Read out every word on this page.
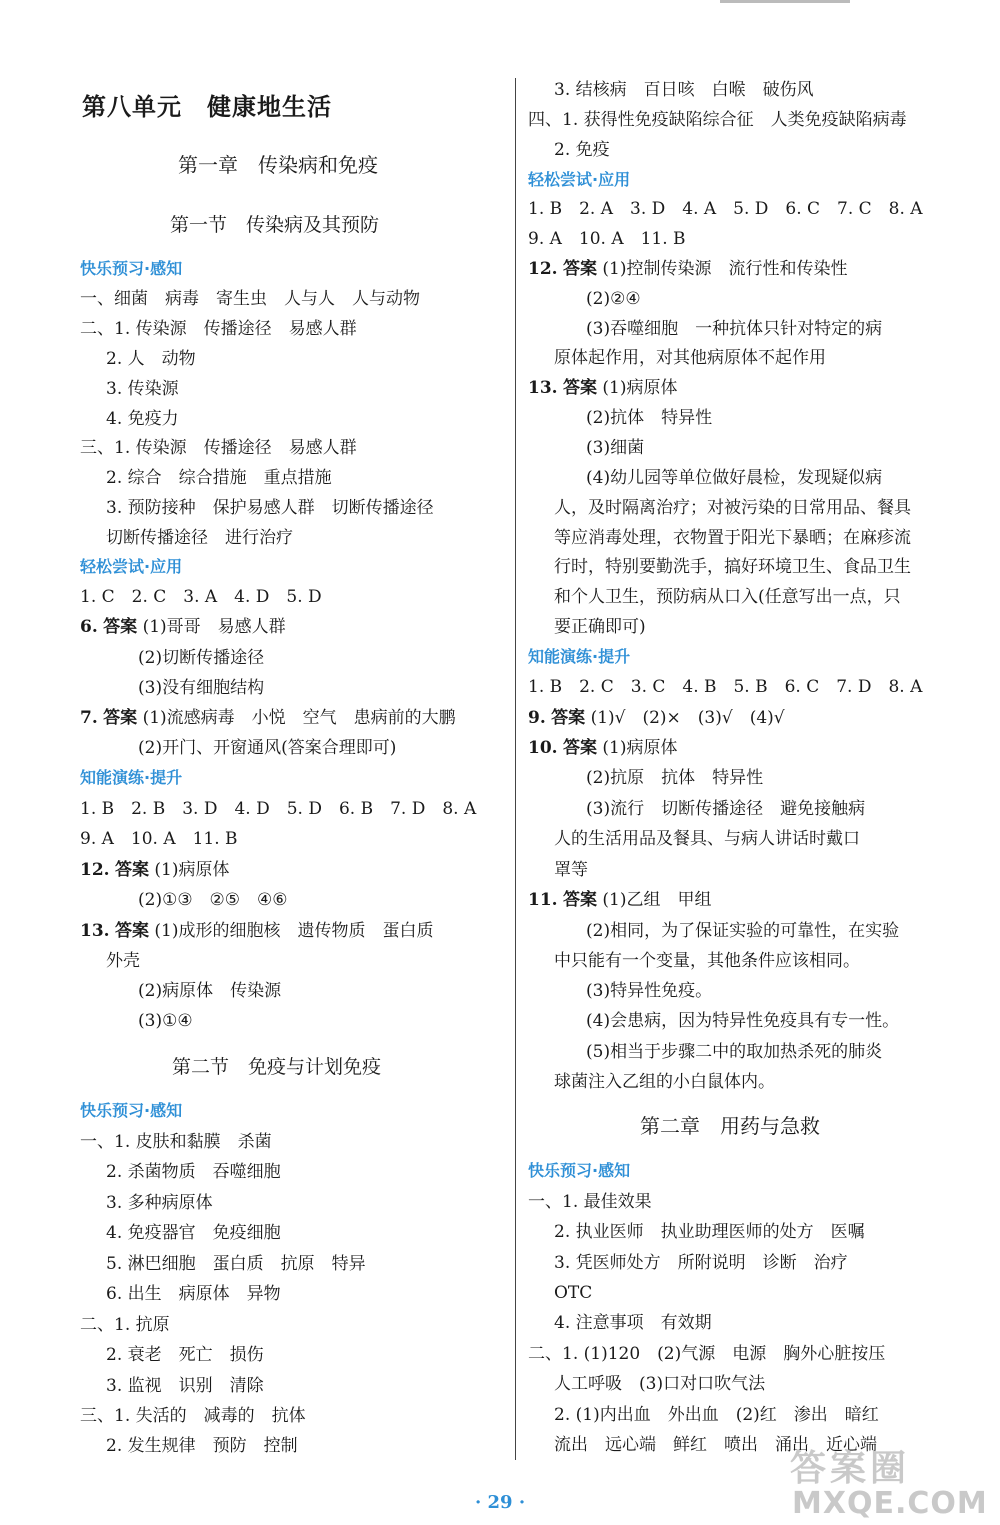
第八单元　健康地生活
第一章　传染病和免疫
第一节　传染病及其预防
快乐预习·感知
一、细菌　病毒　寄生虫　人与人　人与动物
二、1. 传染源　传播途径　易感人群
2. 人　动物
3. 传染源
4. 免疫力
三、1. 传染源　传播途径　易感人群
2. 综合　综合措施　重点措施
3. 预防接种　保护易感人群　切断传播途径
切断传播途径　进行治疗
轻松尝试·应用
1. C　2. C　3. A　4. D　5. D
6. 答案 (1)哥哥　易感人群
(2)切断传播途径
(3)没有细胞结构
7. 答案 (1)流感病毒　小悦　空气　患病前的大鹏
(2)开门、开窗通风(答案合理即可)
知能演练·提升
1. B　2. B　3. D　4. D　5. D　6. B　7. D　8. A
9. A　10. A　11. B
12. 答案 (1)病原体
(2)①③　②⑤　④⑥
13. 答案 (1)成形的细胞核　遗传物质　蛋白质
外壳
(2)病原体　传染源
(3)①④
快乐预习·感知
一、1. 皮肤和黏膜　杀菌
2. 杀菌物质　吞噬细胞
3. 多种病原体
4. 免疫器官　免疫细胞
5. 淋巴细胞　蛋白质　抗原　特异
6. 出生　病原体　异物
二、1. 抗原
2. 衰老　死亡　损伤
3. 监视　识别　清除
三、1. 失活的　减毒的　抗体
2. 发生规律　预防　控制
第二节　免疫与计划免疫
3. 结核病　百日咳　白喉　破伤风
四、1. 获得性免疫缺陷综合征　人类免疫缺陷病毒
2. 免疫
轻松尝试·应用
1. B　2. A　3. D　4. A　5. D　6. C　7. C　8. A
9. A　10. A　11. B
12. 答案 (1)控制传染源　流行性和传染性
(2)②④
(3)吞噬细胞　一种抗体只针对特定的病
原体起作用，对其他病原体不起作用
13. 答案 (1)病原体
(2)抗体　特异性
(3)细菌
(4)幼儿园等单位做好晨检，发现疑似病
人，及时隔离治疗；对被污染的日常用品、餐具
等应消毒处理，衣物置于阳光下暴晒；在麻疹流
行时，特别要勤洗手，搞好环境卫生、食品卫生
和个人卫生，预防病从口入(任意写出一点，只
要正确即可)
知能演练·提升
1. B　2. C　3. C　4. B　5. B　6. C　7. D　8. A
9. 答案 (1)√　(2)×　(3)√　(4)√
10. 答案 (1)病原体
(2)抗原　抗体　特异性
(3)流行　切断传播途径　避免接触病
人的生活用品及餐具、与病人讲话时戴口
罩等
11. 答案 (1)乙组　甲组
(2)相同，为了保证实验的可靠性，在实验
中只能有一个变量，其他条件应该相同。
(3)特异性免疫。
(4)会患病，因为特异性免疫具有专一性。
(5)相当于步骤二中的取加热杀死的肺炎
球菌注入乙组的小白鼠体内。
快乐预习·感知
一、1. 最佳效果
2. 执业医师　执业助理医师的处方　医嘱
3. 凭医师处方　所附说明　诊断　治疗
OTC
4. 注意事项　有效期
二、1. (1)120　(2)气源　电源　胸外心脏按压
人工呼吸　(3)口对口吹气法
2. (1)内出血　外出血　(2)红　渗出　暗红
流出　远心端　鲜红　喷出　涌出　近心端
第二章　用药与急救
· 29 ·
答案圈
MXQE.COM
